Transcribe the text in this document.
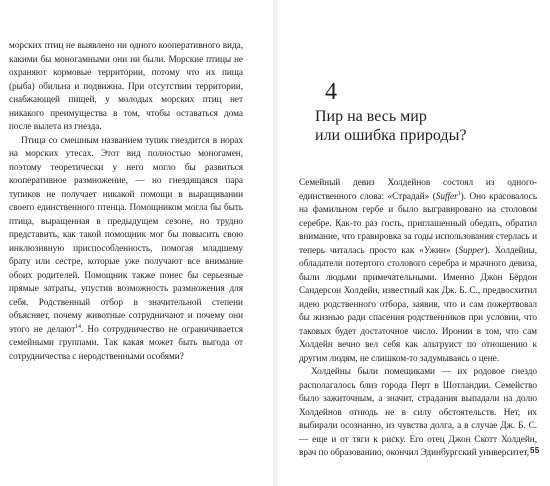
морских птиц не выявлено ни одного кооперативного вида, какими бы моногамными они ни были. Морские птицы не охраняют кормовые территории, потому что их пища (рыба) обильна и подвижна. При отсутствии территории, снабжающей пищей, у молодых морских птиц нет никакого преимущества в том, чтобы оставаться дома после вылета из гнезда.

Птица со смешным названием тупик гнездится в норах на морских утесах. Этот вид полностью моногамен, поэтому теоретически у него могло бы развиться кооперативное размножение, — но гнездящаяся пара тупиков не получает никакой помощи в выращивании своего единственного птенца. Помощником могла бы быть птица, выращенная в предыдущем сезоне, но трудно представить, как такой помощник мог бы повысить свою инклюзивную приспособленность, помогая младшему брату или сестре, которые уже получают все внимание обоих родителей. Помощник также понес бы серьезные прямые затраты, упустив возможность размножения для себя. Родственный отбор в значительной степени объясняет, почему животные сотрудничают и почему они этого не делают$^{14}$. Но сотрудничество не ограничивается семейными группами. Так какая может быть выгода от сотрудничества с неродственными особями?

4
Пир на весь мир
или ошибка природы?

Семейный девиз Холдейнов состоял из одного-единственного слова: «Страдай» (Suffer$^1$). Оно красовалось на фамильном гербе и было выгравировано на столовом серебре. Как-то раз гость, приглашенный обедать, обратил внимание, что гравировка за годы использования стерлась и теперь читалась просто как «Ужин» (Supper). Холдейны, обладатели потертого столового серебра и мрачного девиза, были людьми примечательными. Именно Джон Бёрдон Сандерсон Холдейн, известный как Дж. Б. С., предвосхитил идею родственного отбора, заявив, что и сам пожертвовал бы жизнью ради спасения родственников при условии, что таковых будет достаточное число. Иронии в том, что сам Холдейн вечно вел себя как альтруист по отношению к другим людям, не слишком-то задумываясь о цене.

Холдейны были помещиками — их родовое гнездо располагалось близ города Перт в Шотландии. Семейство было зажиточным, а значит, страдания выпадали на долю Холдейнов отнюдь не в силу обстоятельств. Нет, их выбирали осознанно, из чувства долга, а в случае Дж. Б. С. — еще и от тяги к риску. Его отец Джон Скотт Холдейн, врач по образованию, окончил Эдинбургский университет, 55
